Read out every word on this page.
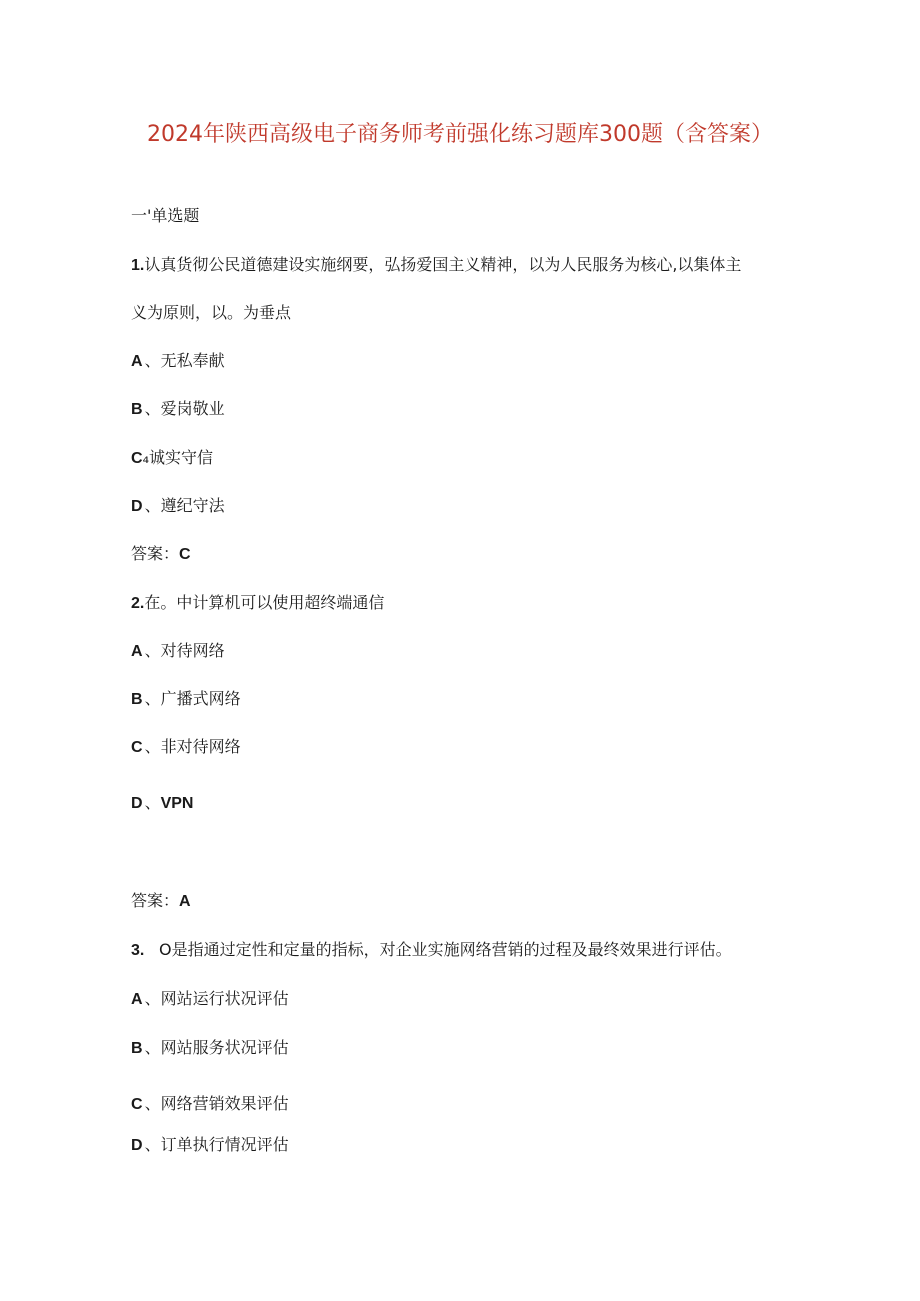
2024年陕西高级电子商务师考前强化练习题库300题（含答案）
一'单选题
1.认真货彻公民道德建设实施纲要，弘扬爱国主义精神，以为人民服务为核心,以集体主
义为原则，以。为垂点
A 、无私奉献
B 、爱岗敬业
C₄诚实守信
D 、遵纪守法
答案：C
2.在。中计算机可以使用超终端通信
A 、对待网络
B 、广播式网络
C 、非对待网络
D 、VPN
答案：A
3. O是指通过定性和定量的指标，对企业实施网络营销的过程及最终效果进行评估。
A 、网站运行状况评估
B 、网站服务状况评估
C 、网络营销效果评估
D 、订单执行情况评估
